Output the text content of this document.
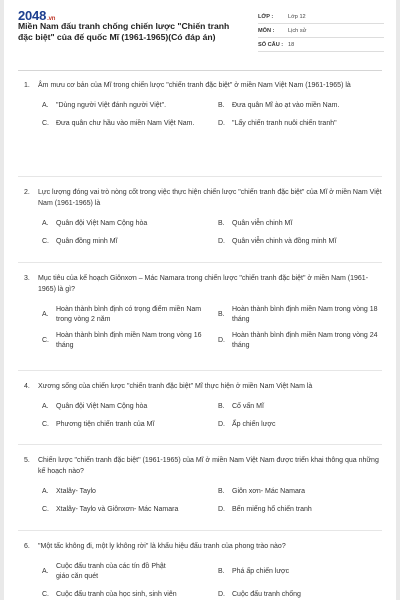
2048.vn
Miền Nam đấu tranh chống chiến lược "Chiến tranh đặc biệt" của đế quốc Mĩ (1961-1965)(Có đáp án)
LỚP :	Lớp 12
MÔN :	Lịch sử
SỐ CÂU : 18
1. Âm mưu cơ bản của Mĩ trong chiến lược "chiến tranh đặc biệt" ở miền Nam Việt Nam (1961-1965) là
A.	"Dùng người Việt đánh người Việt".	B.	Đưa quân Mĩ ào ạt vào miền Nam.
C.	Đưa quân chư hầu vào miền Nam Việt Nam.	D.	"Lấy chiến tranh nuôi chiến tranh"
2. Lực lượng đóng vai trò nòng cốt trong việc thực hiện chiến lược "chiến tranh đặc biệt" của Mĩ ở miền Nam Việt Nam (1961-1965) là
A.	Quân đội Việt Nam Cộng hòa	B.	Quân viễn chinh Mĩ
C.	Quân đồng minh Mĩ	D.	Quân viễn chinh và đồng minh Mĩ
3. Mục tiêu của kế hoạch Giônxơn – Mác Namara trong chiến lược "chiến tranh đặc biệt" ở miền Nam (1961-1965) là gì?
A.
Hoàn thành bình định có trọng điểm miền Nam trong vòng 2 năm
B.
Hoàn thành bình định miền Nam trong vòng 18 tháng
C.
Hoàn thành bình định miền Nam trong vòng 16 tháng
D.
Hoàn thành bình định miền Nam trong vòng 24 tháng
4. Xương sống của chiến lược "chiến tranh đặc biệt" Mĩ thực hiện ở miền Nam Việt Nam là
A.	Quân đội Việt Nam Cộng hòa	B.	Cố vấn Mĩ
C.	Phương tiện chiến tranh của Mĩ	D.	Ấp chiến lược
5. Chiến lược "chiến tranh đặc biệt" (1961-1965) của Mĩ ở miền Nam Việt Nam được triển khai thông qua những kế hoạch nào?
A.	Xtalây- Taylo	B.	Giôn xơn- Mác Namara
C.	Xtalây- Taylo và Giônxơn- Mác Namara	D.	Bến miếng hổ chiến tranh
6. "Một tấc không đi, một ly không rời" là khẩu hiệu đấu tranh của phong trào nào?
A.
Cuộc đấu tranh của các tín đồ Phật giáo căn quét
B.	Phá ấp chiến lược
C.	Cuộc đấu tranh của học sinh, sinh viên	D.	Cuộc đấu tranh chống
